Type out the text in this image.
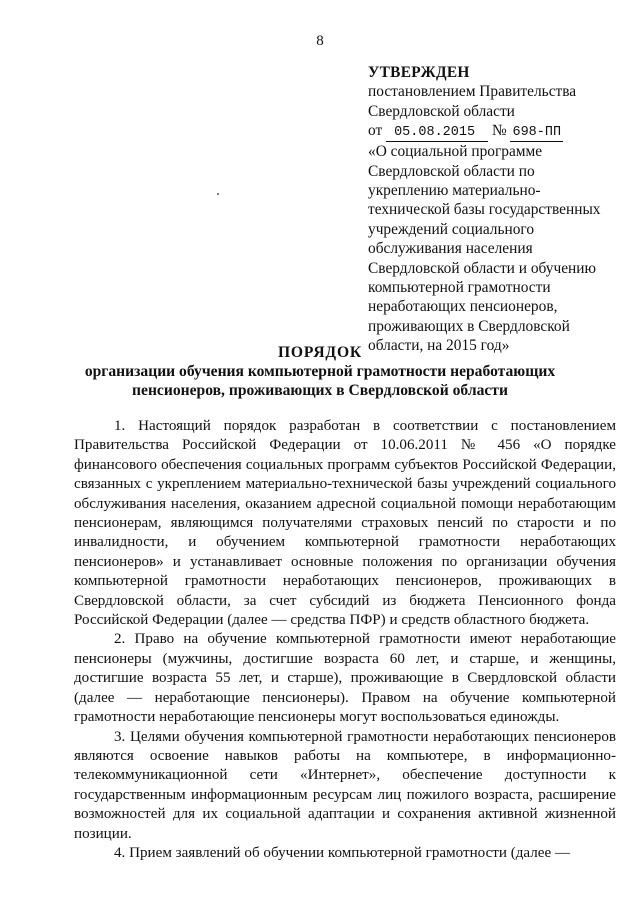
8
УТВЕРЖДЕН
постановлением Правительства
Свердловской области
от 05.08.2015 № 698-ПП
«О социальной программе
Свердловской области по
укреплению материально-
технической базы государственных
учреждений социального
обслуживания населения
Свердловской области и обучению
компьютерной грамотности
неработающих пенсионеров,
проживающих в Свердловской
области, на 2015 год»
ПОРЯДОК
организации обучения компьютерной грамотности неработающих
пенсионеров, проживающих в Свердловской области

1. Настоящий порядок разработан в соответствии с постановлением Правительства Российской Федерации от 10.06.2011 № 456 «О порядке финансового обеспечения социальных программ субъектов Российской Федерации, связанных с укреплением материально-технической базы учреждений социального обслуживания населения, оказанием адресной социальной помощи неработающим пенсионерам, являющимся получателями страховых пенсий по старости и по инвалидности, и обучением компьютерной грамотности неработающих пенсионеров» и устанавливает основные положения по организации обучения компьютерной грамотности неработающих пенсионеров, проживающих в Свердловской области, за счет субсидий из бюджета Пенсионного фонда Российской Федерации (далее — средства ПФР) и средств областного бюджета.

2. Право на обучение компьютерной грамотности имеют неработающие пенсионеры (мужчины, достигшие возраста 60 лет, и старше, и женщины, достигшие возраста 55 лет, и старше), проживающие в Свердловской области (далее — неработающие пенсионеры). Правом на обучение компьютерной грамотности неработающие пенсионеры могут воспользоваться единожды.

3. Целями обучения компьютерной грамотности неработающих пенсионеров являются освоение навыков работы на компьютере, в информационно-телекоммуникационной сети «Интернет», обеспечение доступности к государственным информационным ресурсам лиц пожилого возраста, расширение возможностей для их социальной адаптации и сохранения активной жизненной позиции.

4. Прием заявлений об обучении компьютерной грамотности (далее —
